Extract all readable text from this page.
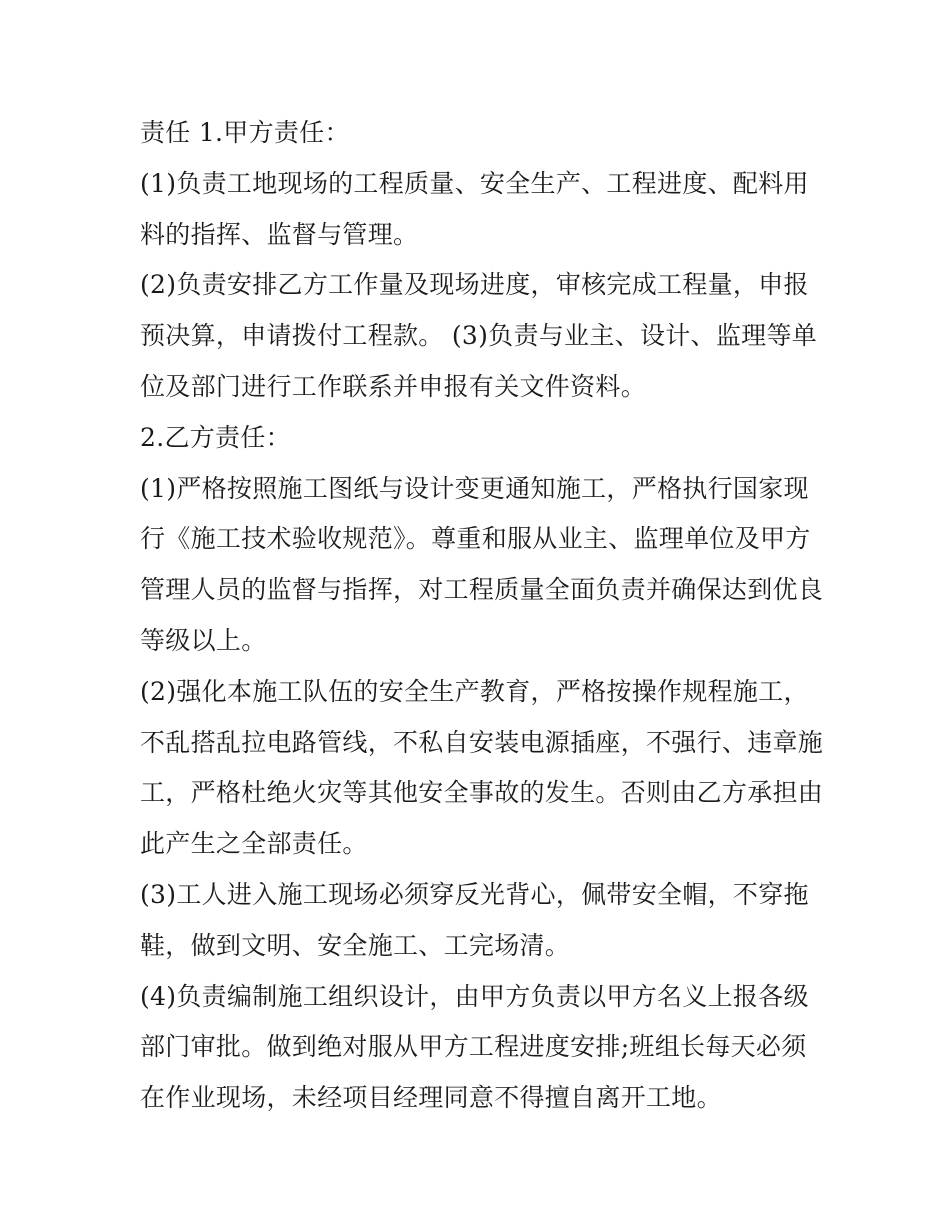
责任 1.甲方责任：
(1)负责工地现场的工程质量、安全生产、工程进度、配料用
料的指挥、监督与管理。
(2)负责安排乙方工作量及现场进度，审核完成工程量，申报
预决算，申请拨付工程款。 (3)负责与业主、设计、监理等单
位及部门进行工作联系并申报有关文件资料。
2.乙方责任：
(1)严格按照施工图纸与设计变更通知施工，严格执行国家现
行《施工技术验收规范》。尊重和服从业主、监理单位及甲方
管理人员的监督与指挥，对工程质量全面负责并确保达到优良
等级以上。
(2)强化本施工队伍的安全生产教育，严格按操作规程施工，
不乱搭乱拉电路管线，不私自安装电源插座，不强行、违章施
工，严格杜绝火灾等其他安全事故的发生。否则由乙方承担由
此产生之全部责任。
(3)工人进入施工现场必须穿反光背心，佩带安全帽，不穿拖
鞋，做到文明、安全施工、工完场清。
(4)负责编制施工组织设计，由甲方负责以甲方名义上报各级
部门审批。做到绝对服从甲方工程进度安排;班组长每天必须
在作业现场，未经项目经理同意不得擅自离开工地。
